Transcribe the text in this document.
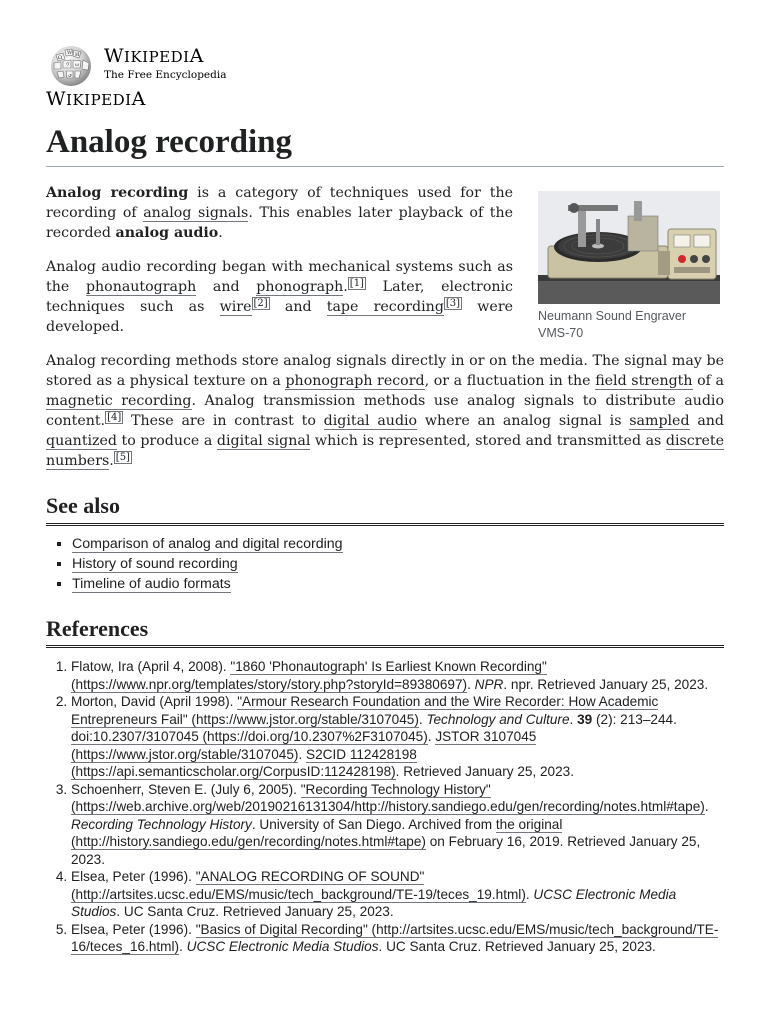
Ω
W И
ウ ω
ي
WIKIPEDIA
The Free Encyclopedia
WIKIPEDIA
Analog recording
Neumann Sound Engraver VMS-70

Analog recording is a category of techniques used for the recording of analog signals. This enables later playback of the recorded analog audio.

Analog audio recording began with mechanical systems such as the phonautograph and phonograph. [1] Later, electronic techniques such as wire [2] and tape recording [3] were developed.

Analog recording methods store analog signals directly in or on the media. The signal may be stored as a physical texture on a phonograph record, or a fluctuation in the field strength of a magnetic recording. Analog transmission methods use analog signals to distribute audio content. [4] These are in contrast to digital audio where an analog signal is sampled and quantized to produce a digital signal which is represented, stored and transmitted as discrete numbers. [5]

See also
▪ Comparison of analog and digital recording
▪ History of sound recording
▪ Timeline of audio formats
References
1. Flatow, Ira (April 4, 2008). "1860 'Phonautograph' Is Earliest Known Recording" (https://www.npr.org/templates/story/story.php?storyId=89380697). NPR. npr. Retrieved January 25, 2023.
2. Morton, David (April 1998). "Armour Research Foundation and the Wire Recorder: How Academic Entrepreneurs Fail" (https://www.jstor.org/stable/3107045). Technology and Culture. 39 (2): 213–244. doi:10.2307/3107045 (https://doi.org/10.2307%2F3107045). JSTOR 3107045 (https://www.jstor.org/stable/3107045). S2CID 112428198 (https://api.semanticscholar.org/CorpusID:112428198). Retrieved January 25, 2023.
3. Schoenherr, Steven E. (July 6, 2005). "Recording Technology History" (https://web.archive.org/web/20190216131304/http://history.sandiego.edu/gen/recording/notes.html#tape). Recording Technology History. University of San Diego. Archived from the original (http://history.sandiego.edu/gen/recording/notes.html#tape) on February 16, 2019. Retrieved January 25, 2023.
4. Elsea, Peter (1996). "ANALOG RECORDING OF SOUND" (http://artsites.ucsc.edu/EMS/music/tech_background/TE-19/teces_19.html). UCSC Electronic Media Studios. UC Santa Cruz. Retrieved January 25, 2023.
5. Elsea, Peter (1996). "Basics of Digital Recording" (http://artsites.ucsc.edu/EMS/music/tech_background/TE-16/teces_16.html). UCSC Electronic Media Studios. UC Santa Cruz. Retrieved January 25, 2023.
